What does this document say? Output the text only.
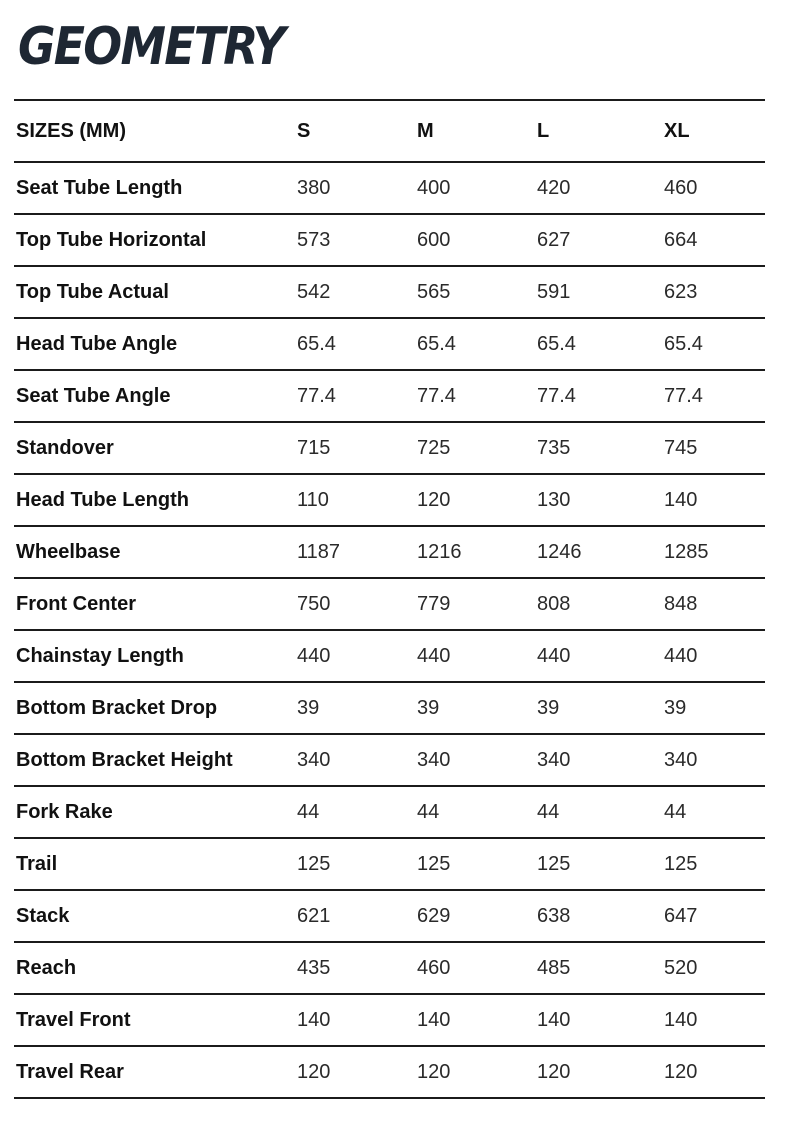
GEOMETRY
SIZES (MM)	S	M	L	XL
Seat Tube Length	380	400	420	460
Top Tube Horizontal	573	600	627	664
Top Tube Actual	542	565	591	623
Head Tube Angle	65.4	65.4	65.4	65.4
Seat Tube Angle	77.4	77.4	77.4	77.4
Standover	715	725	735	745
Head Tube Length	110	120	130	140
Wheelbase	1187	1216	1246	1285
Front Center	750	779	808	848
Chainstay Length	440	440	440	440
Bottom Bracket Drop	39	39	39	39
Bottom Bracket Height	340	340	340	340
Fork Rake	44	44	44	44
Trail	125	125	125	125
Stack	621	629	638	647
Reach	435	460	485	520
Travel Front	140	140	140	140
Travel Rear	120	120	120	120
